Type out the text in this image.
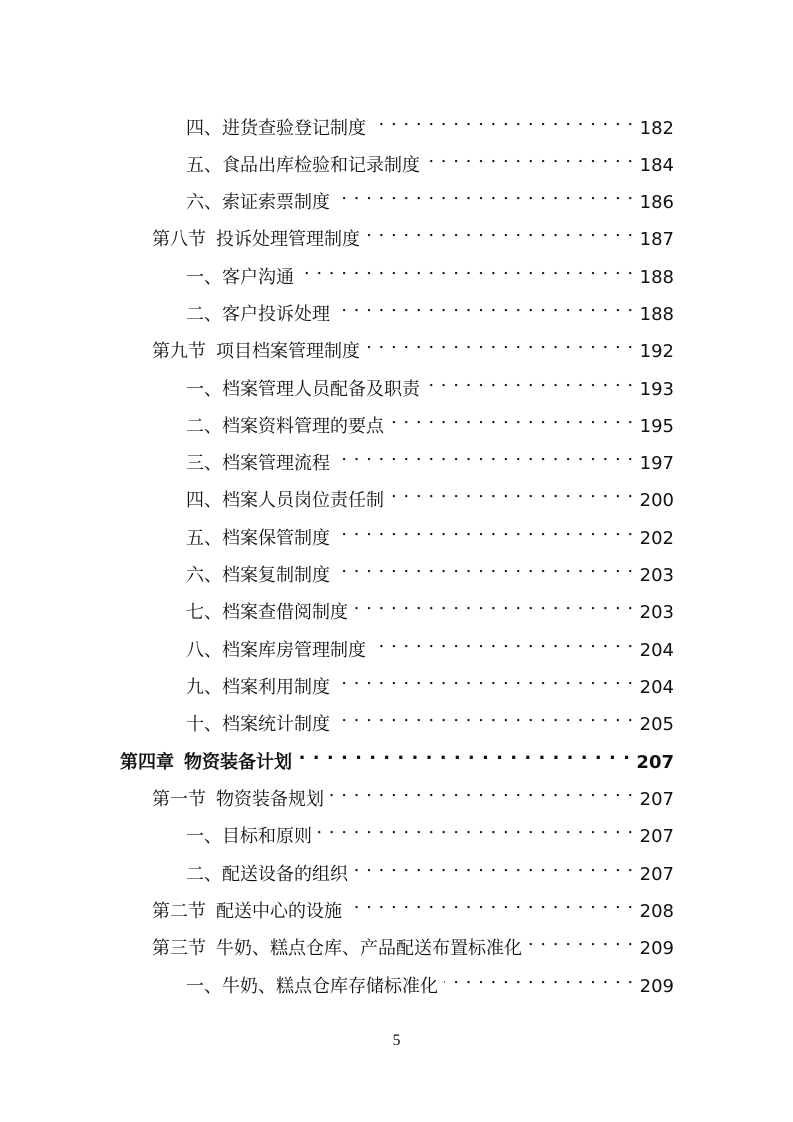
四、 进货查验登记制度 . . .	182
五、 食品出库检验和记录制度 . . .	184
六、 索证索票制度 . . .	186
第八节 投诉处理管理制度 . . .	187
一、 客户沟通 . . .	188
二、 客户投诉处理 . . .	188
第九节 项目档案管理制度 . . .	192
一、 档案管理人员配备及职责 . . .	193
二、 档案资料管理的要点 . . .	195
三、 档案管理流程 . . .	197
四、 档案人员岗位责任制 . . .	200
五、 档案保管制度 . . .	202
六、 档案复制制度 . . .	203
七、 档案查借阅制度 . . .	203
八、 档案库房管理制度 . . .	204
九、 档案利用制度 . . .	204
十、 档案统计制度 . . .	205
第四章 物资装备计划 . . .	207
第一节 物资装备规划 . . .	207
一、 目标和原则 . . .	207
二、 配送设备的组织 . . .	207
第二节 配送中心的设施 . . .	208
第三节 牛奶、糕点仓库、产品配送布置标准化 . . .	209
一、 牛奶、糕点仓库存储标准化 . . .	209
5
